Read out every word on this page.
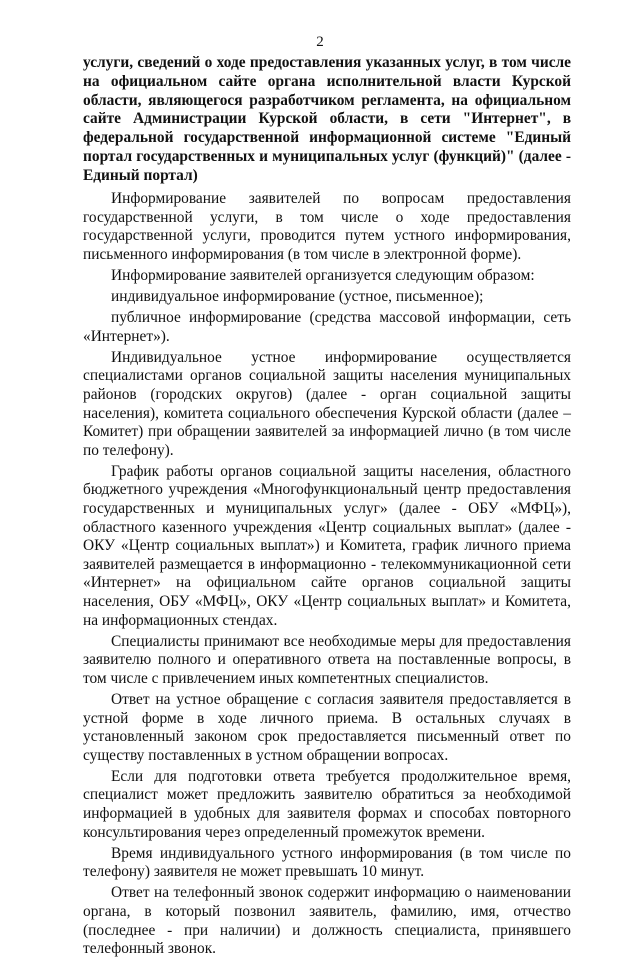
2

услуги, сведений о ходе предоставления указанных услуг, в том числе на официальном сайте органа исполнительной власти Курской области, являющегося разработчиком регламента, на официальном сайте Администрации Курской области, в сети "Интернет", в федеральной государственной информационной системе "Единый портал государственных и муниципальных услуг (функций)" (далее - Единый портал)

Информирование заявителей по вопросам предоставления государственной услуги, в том числе о ходе предоставления государственной услуги, проводится путем устного информирования, письменного информирования (в том числе в электронной форме).

Информирование заявителей организуется следующим образом:

индивидуальное информирование (устное, письменное);

публичное информирование (средства массовой информации, сеть «Интернет»).

Индивидуальное устное информирование осуществляется специалистами органов социальной защиты населения муниципальных районов (городских округов) (далее - орган социальной защиты населения), комитета социального обеспечения Курской области (далее – Комитет) при обращении заявителей за информацией лично (в том числе по телефону).

График работы органов социальной защиты населения, областного бюджетного учреждения «Многофункциональный центр предоставления государственных и муниципальных услуг» (далее - ОБУ «МФЦ»), областного казенного учреждения «Центр социальных выплат» (далее - ОКУ «Центр социальных выплат») и Комитета, график личного приема заявителей размещается в информационно - телекоммуникационной сети «Интернет» на официальном сайте органов социальной защиты населения, ОБУ «МФЦ», ОКУ «Центр социальных выплат» и Комитета, на информационных стендах.

Специалисты принимают все необходимые меры для предоставления заявителю полного и оперативного ответа на поставленные вопросы, в том числе с привлечением иных компетентных специалистов.

Ответ на устное обращение с согласия заявителя предоставляется в устной форме в ходе личного приема. В остальных случаях в установленный законом срок предоставляется письменный ответ по существу поставленных в устном обращении вопросах.

Если для подготовки ответа требуется продолжительное время, специалист может предложить заявителю обратиться за необходимой информацией в удобных для заявителя формах и способах повторного консультирования через определенный промежуток времени.

Время индивидуального устного информирования (в том числе по телефону) заявителя не может превышать 10 минут.

Ответ на телефонный звонок содержит информацию о наименовании органа, в который позвонил заявитель, фамилию, имя, отчество (последнее - при наличии) и должность специалиста, принявшего телефонный звонок.
